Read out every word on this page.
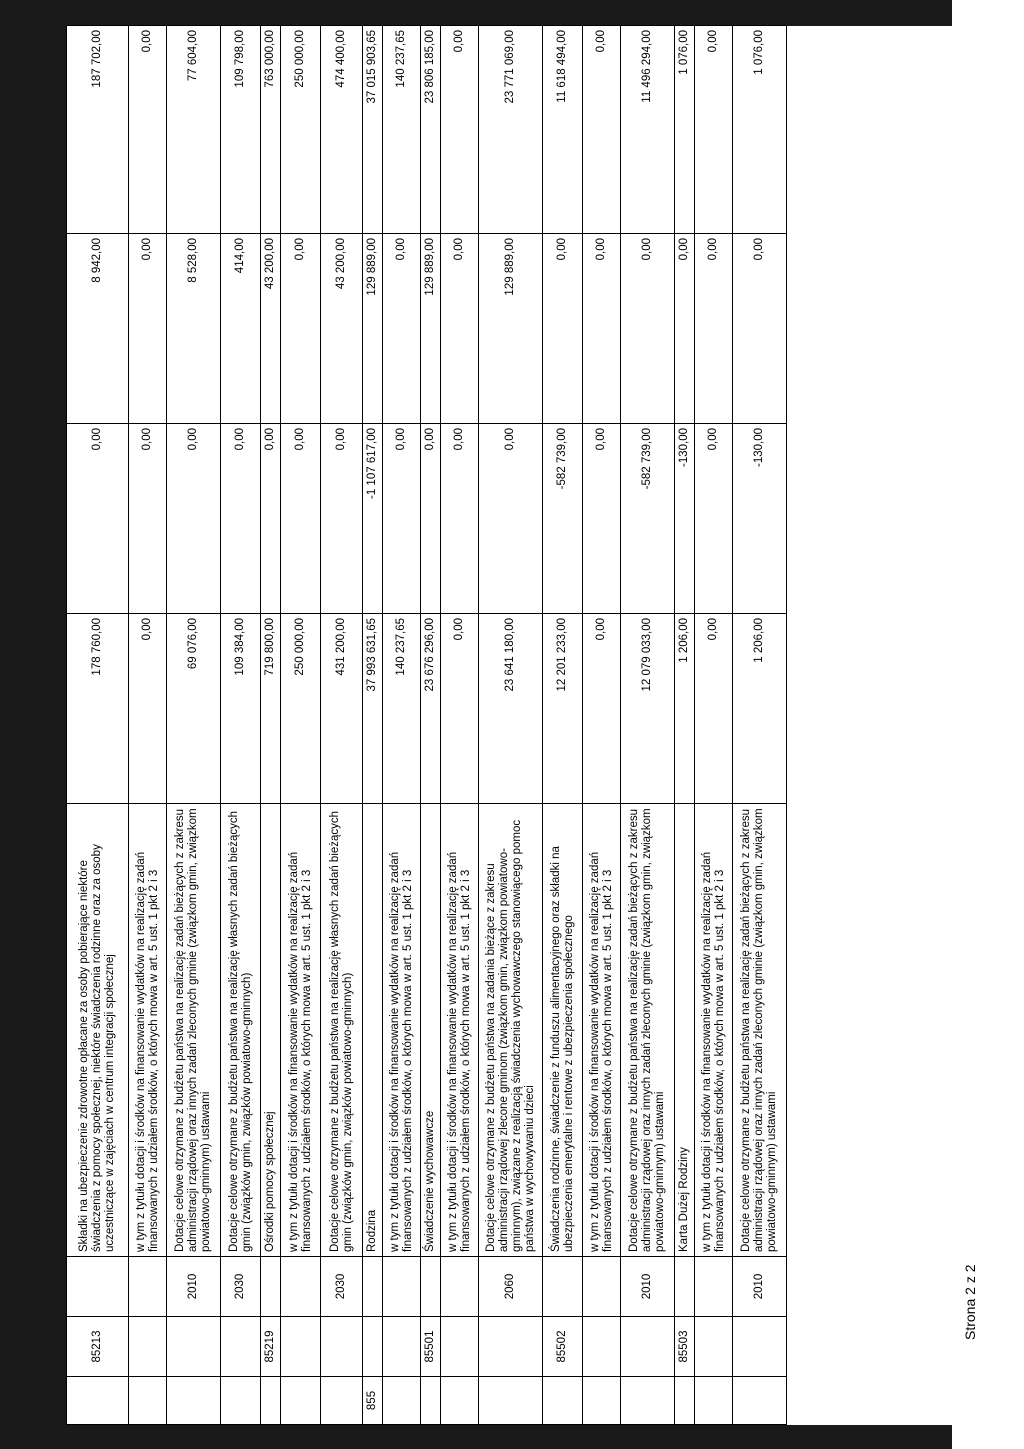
	85213		Składki na ubezpieczenie zdrowotne opłacane za osoby pobierające niektóre świadczenia z pomocy społecznej, niektóre świadczenia rodzinne oraz za osoby uczestniczące w zajęciach w centrum integracji społecznej	178 760,00	0,00	8 942,00	187 702,00
			w tym z tytułu dotacji i środków na finansowanie wydatków na realizację zadań finansowanych z udziałem środków, o których mowa w art. 5 ust. 1 pkt 2 i 3	0,00	0,00	0,00	0,00
		2010	Dotacje celowe otrzymane z budżetu państwa na realizację zadań bieżących z zakresu administracji rządowej oraz innych zadań zleconych gminie (związkom gmin, związkom powiatowo-gminnym) ustawami	69 076,00	0,00	8 528,00	77 604,00
		2030	Dotacje celowe otrzymane z budżetu państwa na realizację własnych zadań bieżących gmin (związków gmin, związków powiatowo-gminnych)	109 384,00	0,00	414,00	109 798,00
	85219		Ośrodki pomocy społecznej	719 800,00	0,00	43 200,00	763 000,00
			w tym z tytułu dotacji i środków na finansowanie wydatków na realizację zadań finansowanych z udziałem środków, o których mowa w art. 5 ust. 1 pkt 2 i 3	250 000,00	0,00	0,00	250 000,00
		2030	Dotacje celowe otrzymane z budżetu państwa na realizację własnych zadań bieżących gmin (związków gmin, związków powiatowo-gminnych)	431 200,00	0,00	43 200,00	474 400,00
855			Rodzina	37 993 631,65	-1 107 617,00	129 889,00	37 015 903,65
			w tym z tytułu dotacji i środków na finansowanie wydatków na realizację zadań finansowanych z udziałem środków, o których mowa w art. 5 ust. 1 pkt 2 i 3	140 237,65	0,00	0,00	140 237,65
	85501		Świadczenie wychowawcze	23 676 296,00	0,00	129 889,00	23 806 185,00
			w tym z tytułu dotacji i środków na finansowanie wydatków na realizację zadań finansowanych z udziałem środków, o których mowa w art. 5 ust. 1 pkt 2 i 3	0,00	0,00	0,00	0,00
		2060	Dotacje celowe otrzymane z budżetu państwa na zadania bieżące z zakresu administracji rządowej zlecone gminom (związkom gmin, związkom powiatowo-gminnym), związane z realizacją świadczenia wychowawczego stanowiącego pomoc państwa w wychowywaniu dzieci	23 641 180,00	0,00	129 889,00	23 771 069,00
	85502		Świadczenia rodzinne, świadczenie z funduszu alimentacyjnego oraz składki na ubezpieczenia emerytalne i rentowe z ubezpieczenia społecznego	12 201 233,00	-582 739,00	0,00	11 618 494,00
			w tym z tytułu dotacji i środków na finansowanie wydatków na realizację zadań finansowanych z udziałem środków, o których mowa w art. 5 ust. 1 pkt 2 i 3	0,00	0,00	0,00	0,00
		2010	Dotacje celowe otrzymane z budżetu państwa na realizację zadań bieżących z zakresu administracji rządowej oraz innych zadań zleconych gminie (związkom gmin, związkom powiatowo-gminnym) ustawami	12 079 033,00	-582 739,00	0,00	11 496 294,00
	85503		Karta Dużej Rodziny	1 206,00	-130,00	0,00	1 076,00
			w tym z tytułu dotacji i środków na finansowanie wydatków na realizację zadań finansowanych z udziałem środków, o których mowa w art. 5 ust. 1 pkt 2 i 3	0,00	0,00	0,00	0,00
		2010	Dotacje celowe otrzymane z budżetu państwa na realizację zadań bieżących z zakresu administracji rządowej oraz innych zadań zleconych gminie (związkom gmin, związkom powiatowo-gminnym) ustawami	1 206,00	-130,00	0,00	1 076,00
Strona 2 z 2
